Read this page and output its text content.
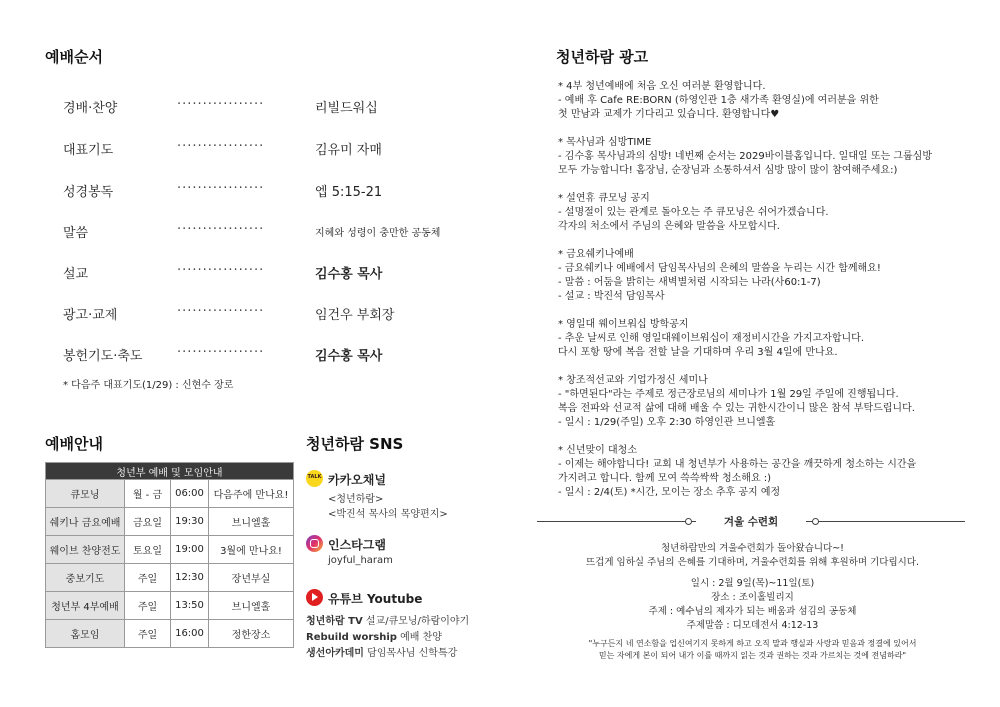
예배순서
경배·찬양	·················	리빌드워십
대표기도	·················	김유미 자매
성경봉독	·················	엡 5:15-21
말씀	·················	지혜와 성령이 충만한 공동체
설교	·················	김수홍 목사
광고·교제	·················	임건우 부회장
봉헌기도·축도	·················	김수홍 목사
* 다음주 대표기도(1/29) : 신현수 장로
예배안내
청년부 예배 및 모임안내			
큐모닝	월 - 금	06:00	다음주에 만나요!
쉐키나 금요예배	금요일	19:30	브니엘홀
웨이브 찬양전도	토요일	19:00	3월에 만나요!
중보기도	주일	12:30	장년부실
청년부 4부예배	주일	13:50	브니엘홀
홈모임	주일	16:00	정한장소
청년하람 SNS
TALK 카카오채널
<청년하람>
<박진석 목사의 목양편지>
인스타그램
joyful_haram
유튜브 Youtube
청년하람 TV 설교/큐모닝/하람이야기
Rebuild worship 예배 찬양
생선아카데미 담임목사님 신학특강
청년하람 광고
* 4부 청년예배에 처음 오신 여러분 환영합니다.
- 예배 후 Cafe RE:BORN (하영인관 1층 새가족 환영실)에 여러분을 위한
첫 만남과 교제가 기다리고 있습니다. 환영합니다♥
* 목사님과 심방TIME
- 김수홍 목사님과의 심방! 네번째 순서는 2029바이블홈입니다. 일대일 또는 그룹심방
모두 가능합니다! 홈장님, 순장님과 소통하셔서 심방 많이 많이 참여해주세요:)
* 설연휴 큐모닝 공지
- 설명절이 있는 관계로 돌아오는 주 큐모닝은 쉬어가겠습니다.
각자의 처소에서 주님의 은혜와 말씀을 사모합시다.
* 금요쉐키나예배
- 금요쉐키나 예배에서 담임목사님의 은혜의 말씀을 누리는 시간 함께해요!
- 말씀 : 어둠을 밝히는 새벽별처럼 시작되는 나라(사60:1-7)
- 설교 : 박진석 담임목사
* 영일대 웨이브워십 방학공지
- 추운 날씨로 인해 영일대웨이브워십이 재정비시간을 가지고자합니다.
다시 포항 땅에 복음 전할 날을 기대하며 우리 3월 4일에 만나요.
* 창조적선교와 기업가정신 세미나
- "하면된다"라는 주제로 정근장로님의 세미나가 1월 29일 주일에 진행됩니다.
복음 전파와 선교적 삶에 대해 배울 수 있는 귀한시간이니 많은 참석 부탁드립니다.
- 일시 : 1/29(주일) 오후 2:30 하영인관 브니엘홀
* 신년맞이 대청소
- 이제는 해야합니다! 교회 내 청년부가 사용하는 공간을 깨끗하게 청소하는 시간을
가지려고 합니다. 함께 모여 쓱쓱싹싹 청소해요 :)
- 일시 : 2/4(토) *시간, 모이는 장소 추후 공지 예정
겨울 수련회
청년하람만의 겨울수련회가 돌아왔습니다~!
뜨겁게 임하실 주님의 은혜를 기대하며, 겨울수련회를 위해 후원하며 기다립시다.
일시 : 2월 9일(목)~11일(토)
장소 : 조이홀빌리지
주제 : 예수님의 제자가 되는 배움과 섬김의 공동체
주제말씀 : 디모데전서 4:12-13
"누구든지 네 연소함을 업신여기지 못하게 하고 오직 말과 행실과 사랑과 믿음과 정결에 있어서
믿는 자에게 본이 되어 내가 이를 때까지 읽는 것과 권하는 것과 가르치는 것에 전념하라"
